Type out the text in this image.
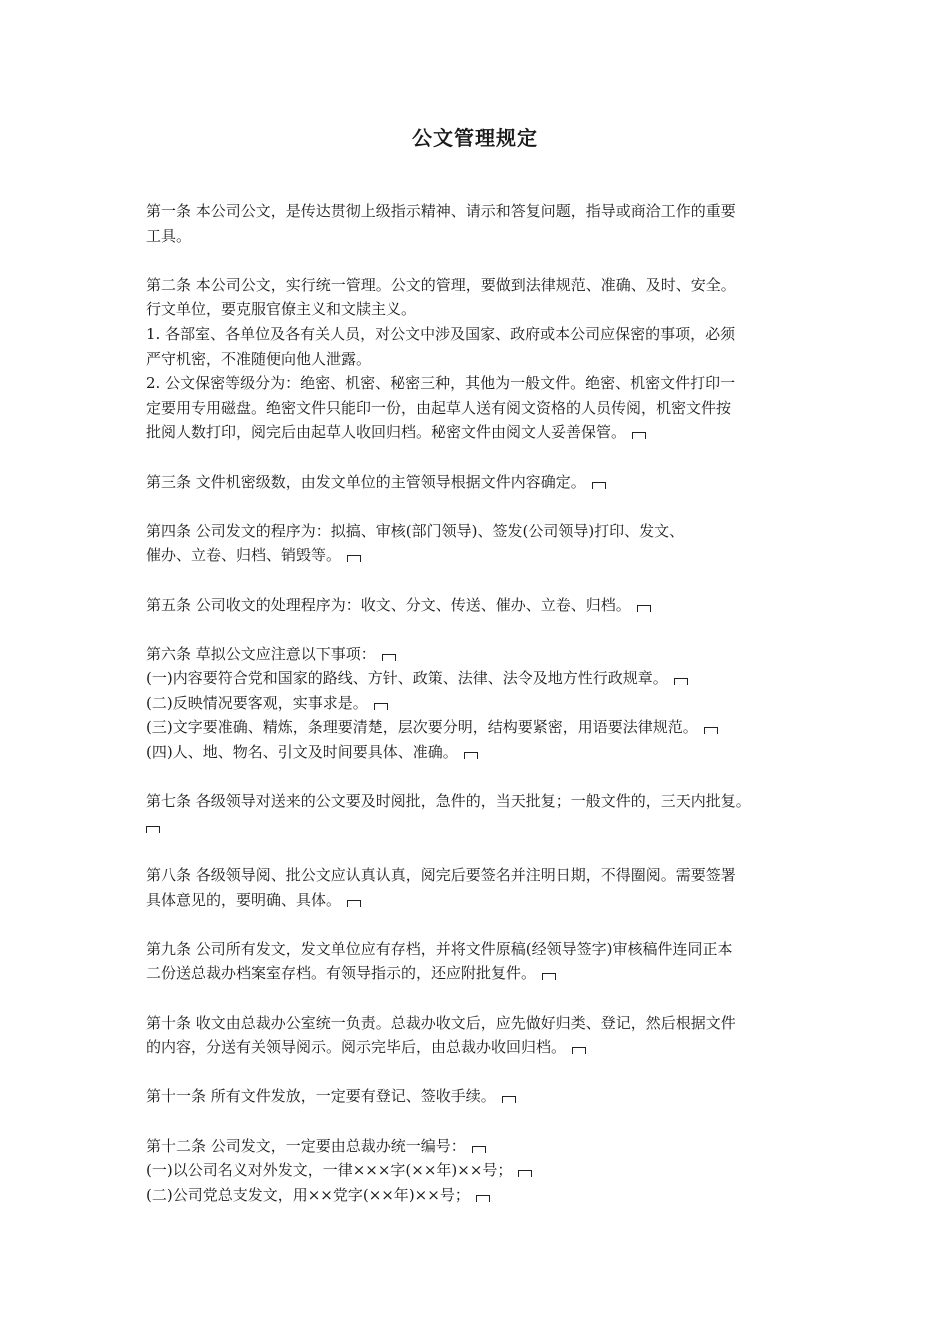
公文管理规定
第一条 本公司公文，是传达贯彻上级指示精神、请示和答复问题，指导或商洽工作的重要
工具。
第二条 本公司公文，实行统一管理。公文的管理，要做到法律规范、准确、及时、安全。
行文单位，要克服官僚主义和文牍主义。
1. 各部室、各单位及各有关人员，对公文中涉及国家、政府或本公司应保密的事项，必须
严守机密，不准随便向他人泄露。
2. 公文保密等级分为：绝密、机密、秘密三种，其他为一般文件。绝密、机密文件打印一
定要用专用磁盘。绝密文件只能印一份，由起草人送有阅文资格的人员传阅，机密文件按
批阅人数打印，阅完后由起草人收回归档。秘密文件由阅文人妥善保管。
第三条 文件机密级数，由发文单位的主管领导根据文件内容确定。
第四条 公司发文的程序为：拟搞、审核(部门领导)、签发(公司领导)打印、发文、
催办、立卷、归档、销毁等。
第五条 公司收文的处理程序为：收文、分文、传送、催办、立卷、归档。
第六条 草拟公文应注意以下事项：
(一)内容要符合党和国家的路线、方针、政策、法律、法令及地方性行政规章。
(二)反映情况要客观，实事求是。
(三)文字要准确、精炼，条理要清楚，层次要分明，结构要紧密，用语要法律规范。
(四)人、地、物名、引文及时间要具体、准确。
第七条 各级领导对送来的公文要及时阅批，急件的，当天批复；一般文件的，三天内批复。
第八条 各级领导阅、批公文应认真认真，阅完后要签名并注明日期，不得圈阅。需要签署
具体意见的，要明确、具体。
第九条 公司所有发文，发文单位应有存档，并将文件原稿(经领导签字)审核稿件连同正本
二份送总裁办档案室存档。有领导指示的，还应附批复件。
第十条 收文由总裁办公室统一负责。总裁办收文后，应先做好归类、登记，然后根据文件
的内容，分送有关领导阅示。阅示完毕后，由总裁办收回归档。
第十一条 所有文件发放，一定要有登记、签收手续。
第十二条 公司发文，一定要由总裁办统一编号：
(一)以公司名义对外发文，一律×××字(××年)××号；
(二)公司党总支发文，用××党字(××年)××号；
